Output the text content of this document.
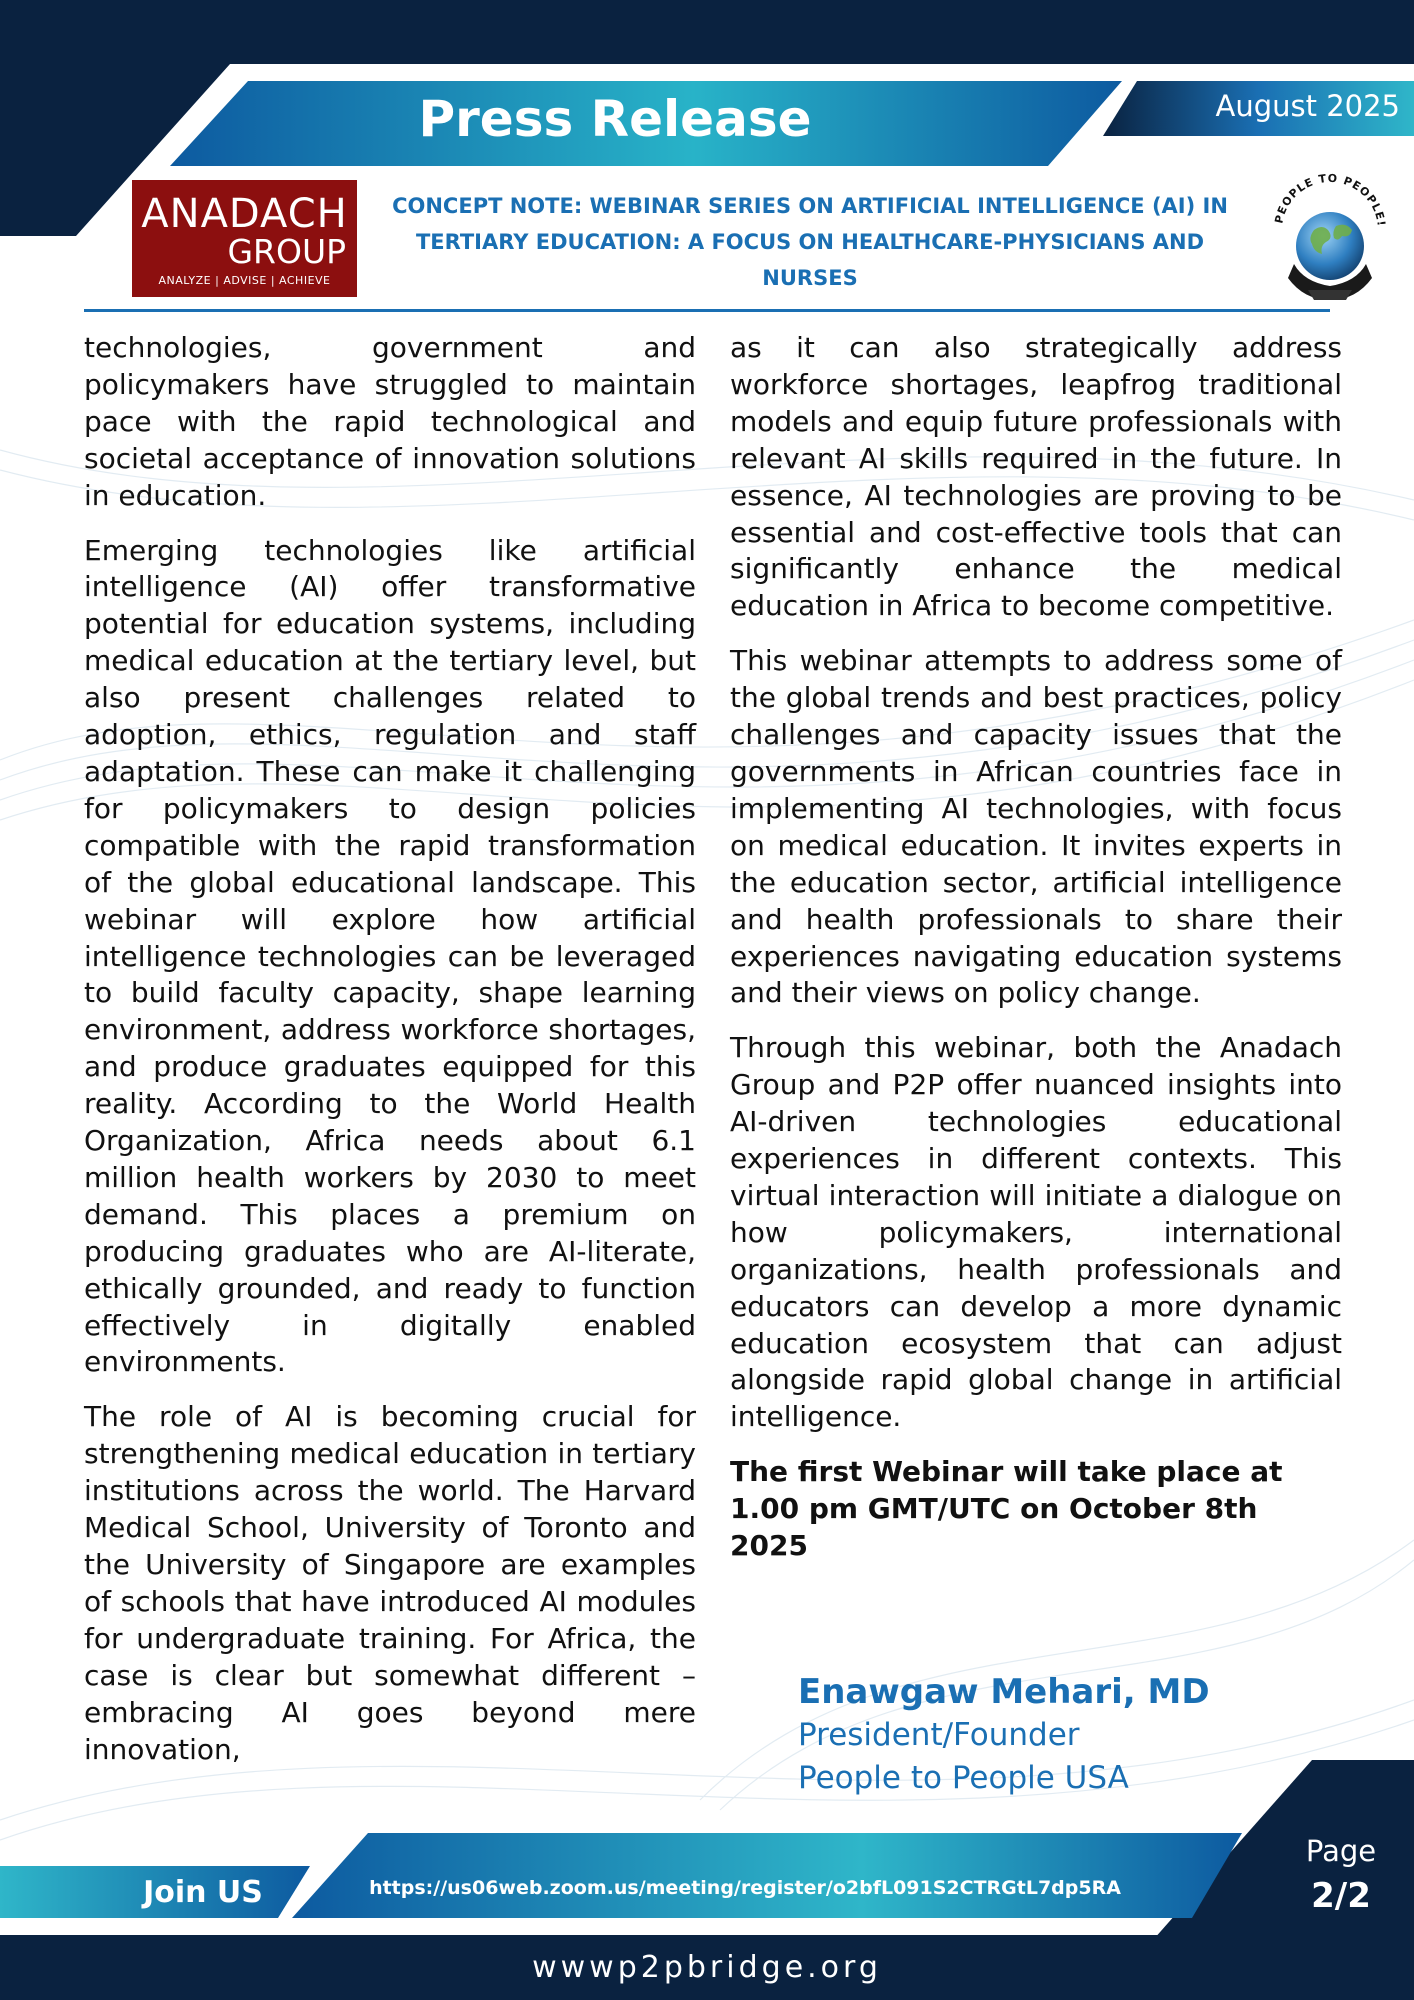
Press Release	August 2025
ANADACH
GROUP
ANALYZE | ADVISE | ACHIEVE
CONCEPT NOTE: WEBINAR SERIES ON ARTIFICIAL INTELLIGENCE (AI) IN TERTIARY EDUCATION: A FOCUS ON HEALTHCARE-PHYSICIANS AND NURSES
PEOPLE TO PEOPLE!

technologies, government and policymakers have struggled to maintain pace with the rapid technological and societal acceptance of innovation solutions in education.

Emerging technologies like artificial intelligence (AI) offer transformative potential for education systems, including medical education at the tertiary level, but also present challenges related to adoption, ethics, regulation and staff adaptation. These can make it challenging for policymakers to design policies compatible with the rapid transformation of the global educational landscape. This webinar will explore how artificial intelligence technologies can be leveraged to build faculty capacity, shape learning environment, address workforce shortages, and produce graduates equipped for this reality. According to the World Health Organization, Africa needs about 6.1 million health workers by 2030 to meet demand. This places a premium on producing graduates who are AI-literate, ethically grounded, and ready to function effectively in digitally enabled environments.

The role of AI is becoming crucial for strengthening medical education in tertiary institutions across the world. The Harvard Medical School, University of Toronto and the University of Singapore are examples of schools that have introduced AI modules for undergraduate training. For Africa, the case is clear but somewhat different – embracing AI goes beyond mere innovation,

as it can also strategically address workforce shortages, leapfrog traditional models and equip future professionals with relevant AI skills required in the future. In essence, AI technologies are proving to be essential and cost-effective tools that can significantly enhance the medical education in Africa to become competitive.

This webinar attempts to address some of the global trends and best practices, policy challenges and capacity issues that the governments in African countries face in implementing AI technologies, with focus on medical education. It invites experts in the education sector, artificial intelligence and health professionals to share their experiences navigating education systems and their views on policy change.

Through this webinar, both the Anadach Group and P2P offer nuanced insights into AI-driven technologies educational experiences in different contexts. This virtual interaction will initiate a dialogue on how policymakers, international organizations, health professionals and educators can develop a more dynamic education ecosystem that can adjust alongside rapid global change in artificial intelligence.

The first Webinar will take place at 1.00 pm GMT/UTC on October 8th 2025

Enawgaw Mehari, MD
President/Founder
People to People USA
Join US	https://us06web.zoom.us/meeting/register/o2bfL091S2CTRGtL7dp5RA
Page
2/2
wwwp2pbridge.org
